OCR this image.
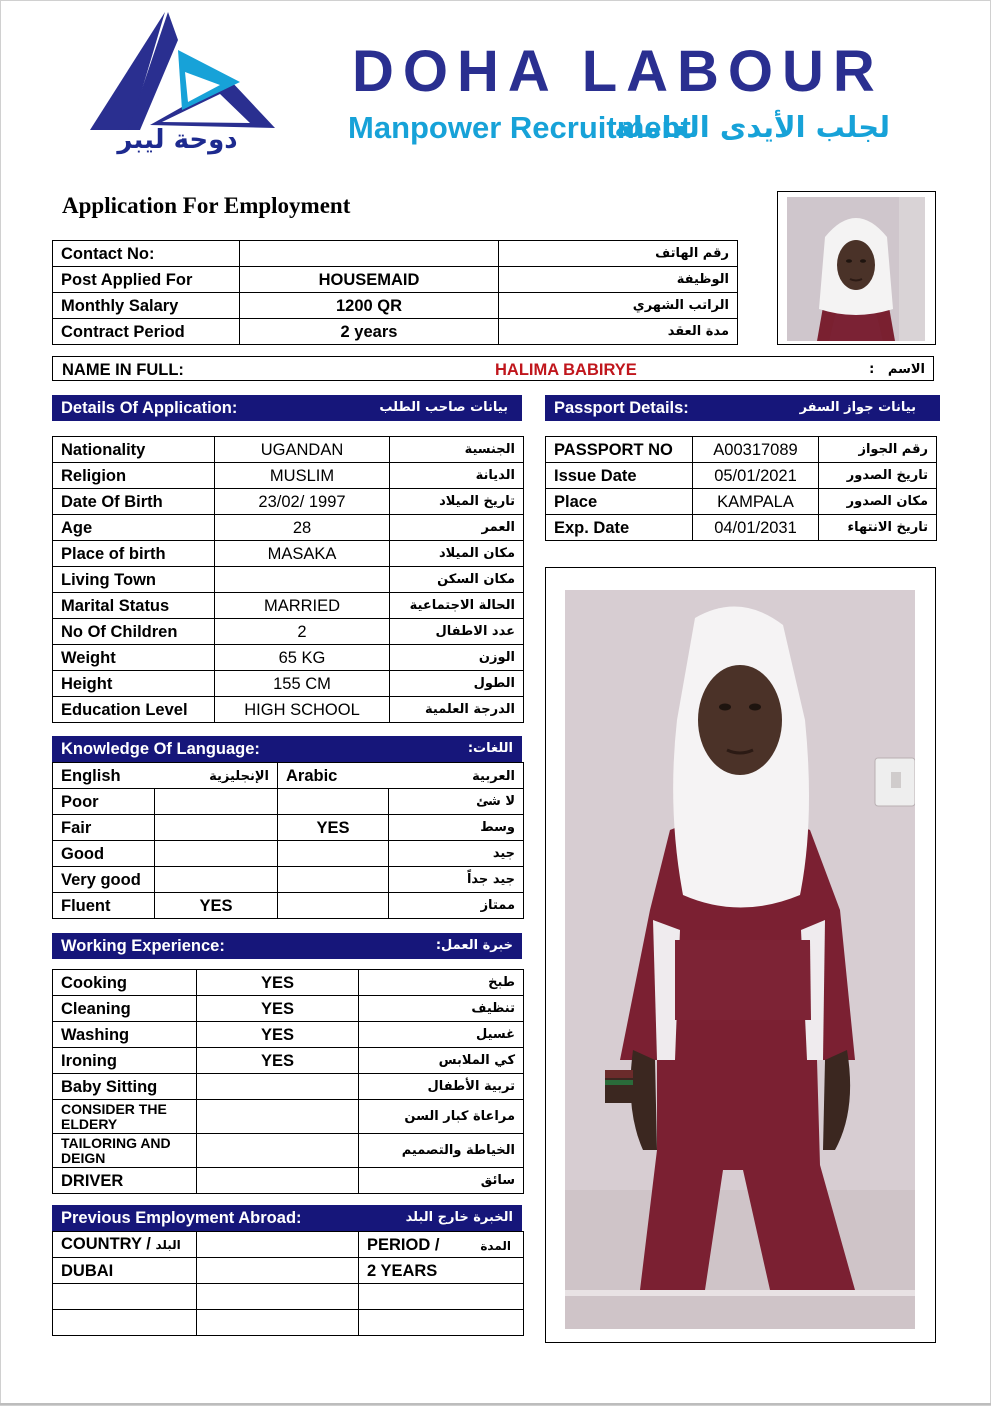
دوحة ليبر
DOHA LABOUR
Manpower Recruitment
لجلب الأيدى العاملة
Application For Employment
Contact No:		رقم الهاتف
Post Applied For	HOUSEMAID	الوظيفة
Monthly Salary	1200 QR	الراتب الشهري
Contract Period	2 years	مدة العقد
NAME IN FULL:	HALIMA BABIRYE	الاسم   :
Details Of Application:	بيانات صاحب الطلب
Nationality	UGANDAN	الجنسية
Religion	MUSLIM	الديانة
Date Of Birth	23/02/ 1997	تاريخ الميلاد
Age	28	العمر
Place of birth	MASAKA	مكان الميلاد
Living Town		مكان السكن
Marital Status	MARRIED	الحالة الاجتماعية
No Of Children	2	عدد الاطفال
Weight	65 KG	الوزن
Height	155 CM	الطول
Education Level	HIGH SCHOOL	الدرجة العلمية
Passport Details:	بيانات جواز السفر
PASSPORT NO	A00317089	رقم الجواز
Issue Date	05/01/2021	تاريخ الصدور
Place	KAMPALA	مكان الصدور
Exp. Date	04/01/2031	تاريخ الانتهاء
Knowledge Of Language:	اللغات:
English الإنجليزية		Arabic العربية	

Poor			لا شئ
Fair		YES	وسط
Good			جيد
Very good			جيد جداً
Fluent	YES		ممتاز
Working Experience:	خبرة العمل:
Cooking	YES	طبخ
Cleaning	YES	تنظيف
Washing	YES	غسيل
Ironing	YES	كي الملابس
Baby Sitting		تربية الأطفال
CONSIDER THE ELDERY		مراعاة كبار السن
TAILORING AND DEIGN		الخياطة والتصميم
DRIVER		سائق
Previous Employment Abroad:	الخبرة خارج البلد
COUNTRY / البلد		PERIOD / المدة

DUBAI		2 YEARS
